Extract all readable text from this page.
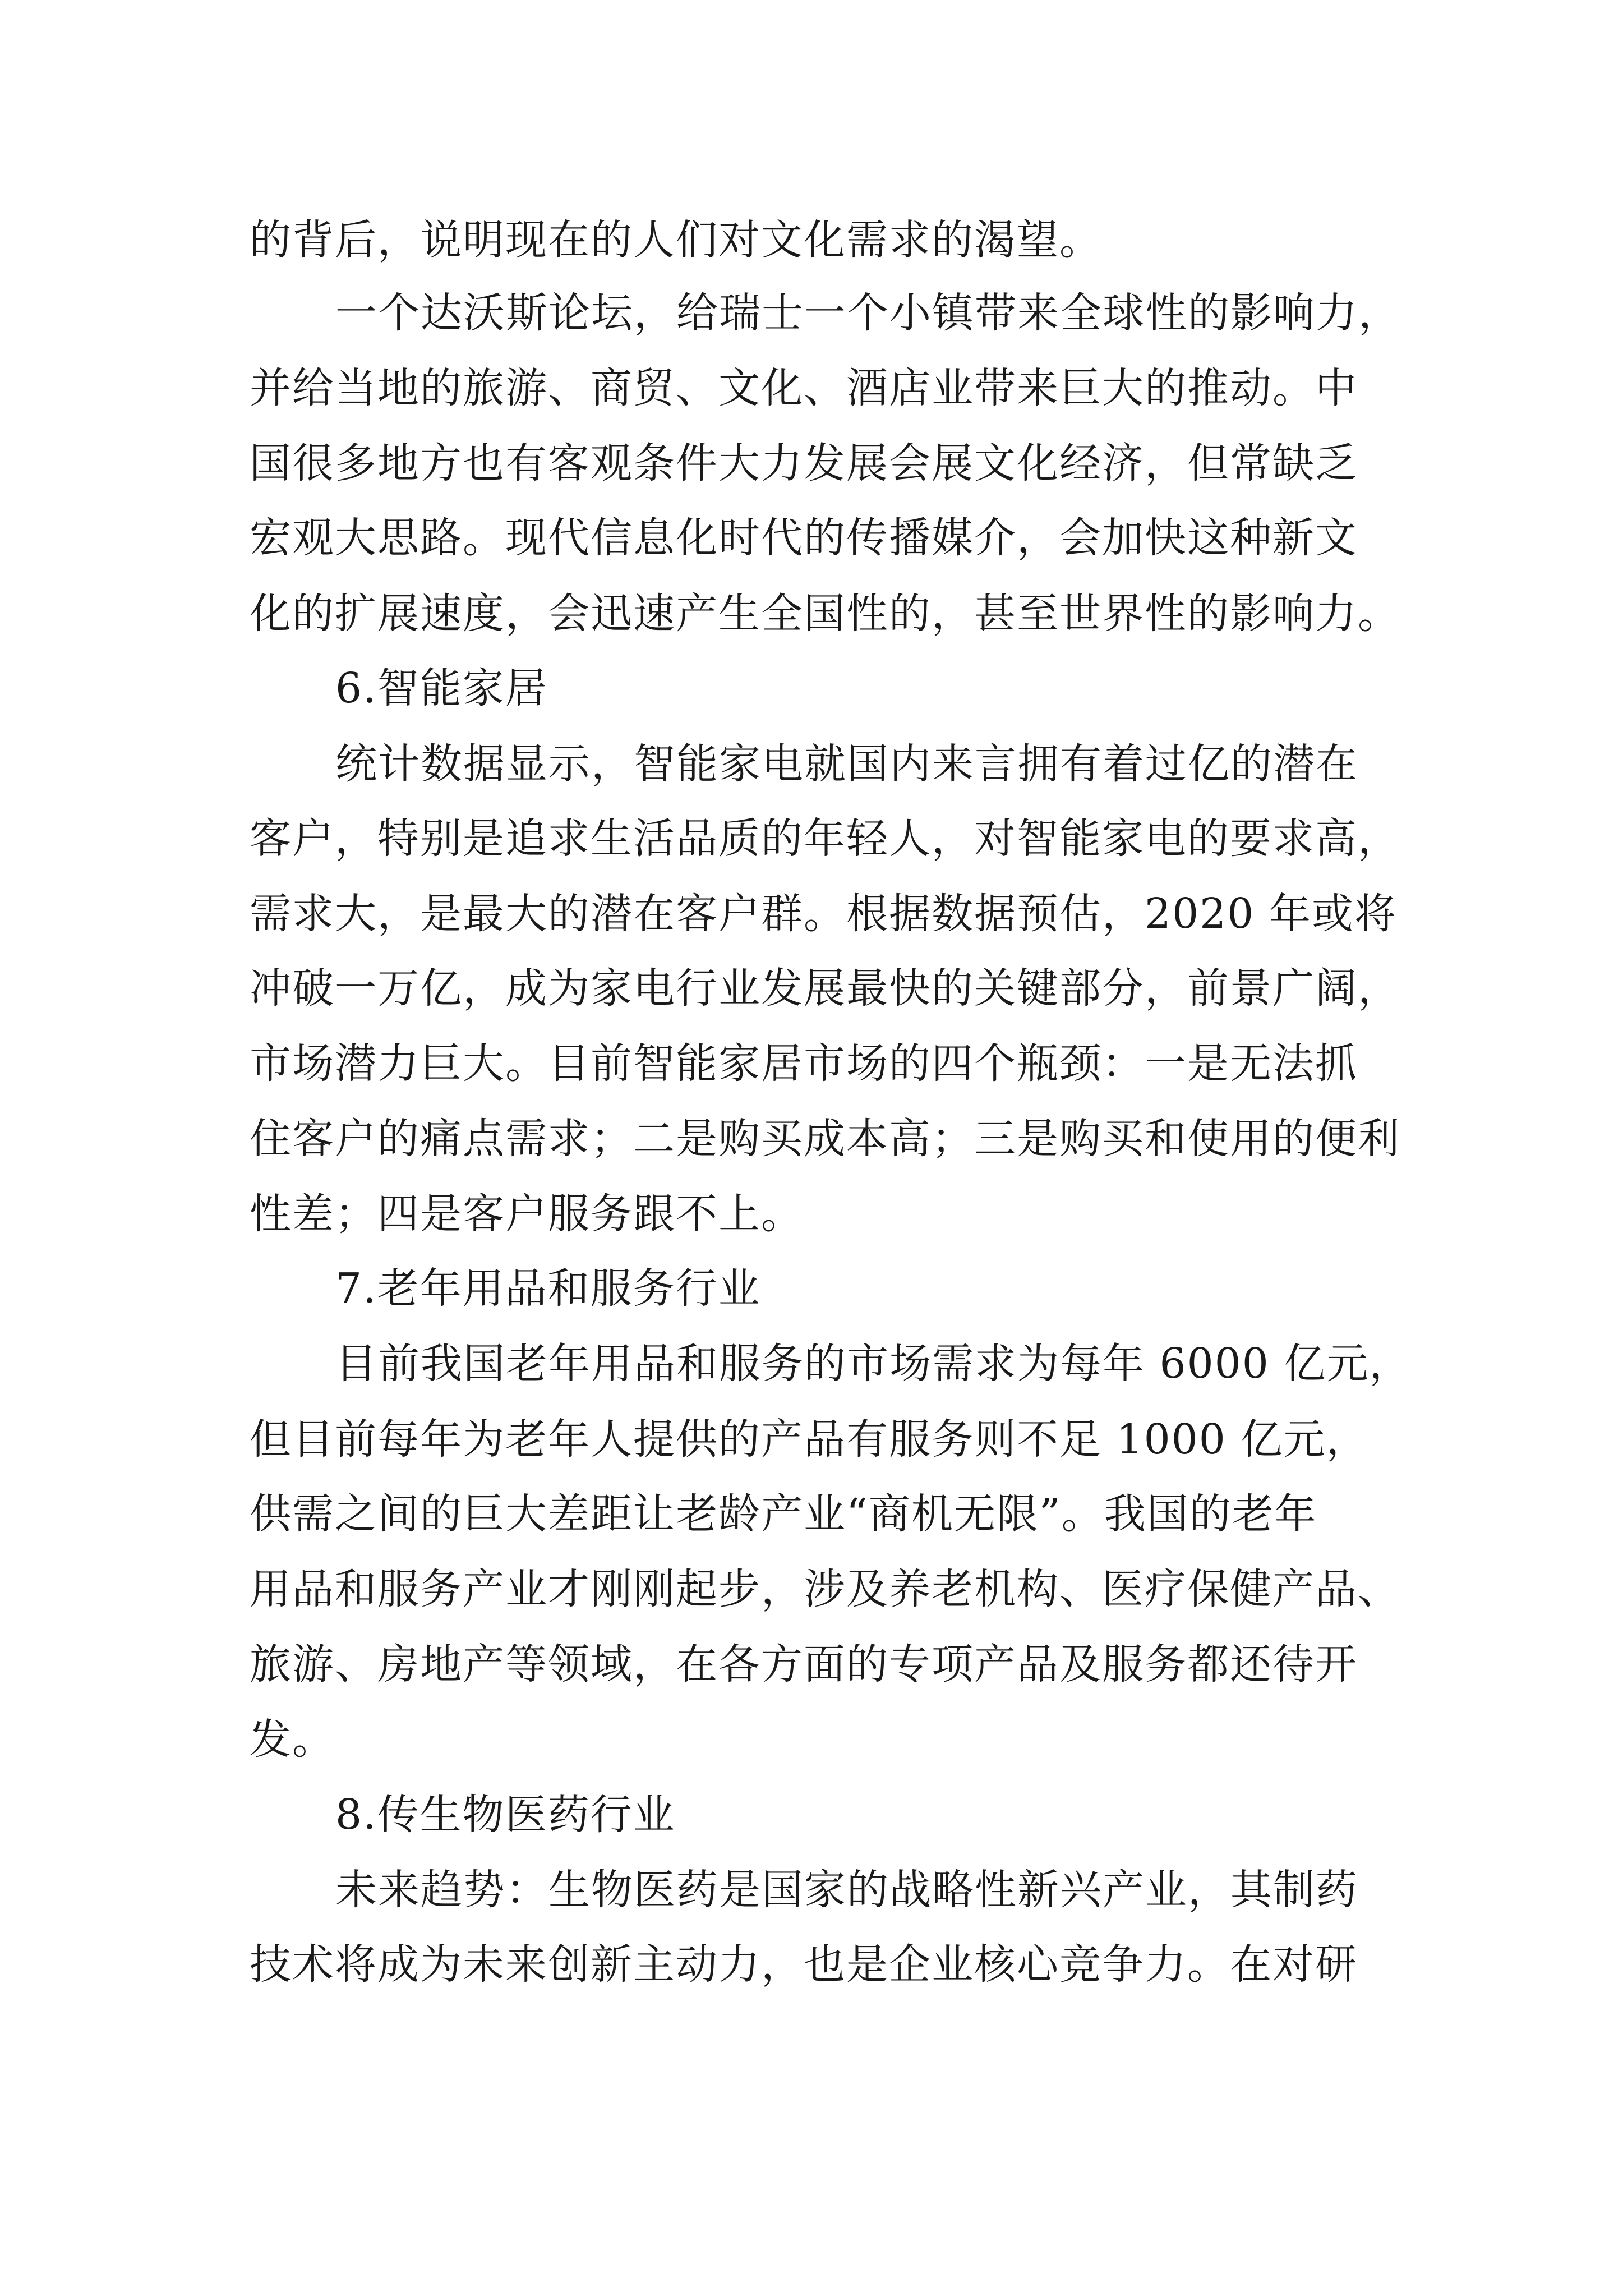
的背后，说明现在的人们对文化需求的渴望。
一个达沃斯论坛，给瑞士一个小镇带来全球性的影响力，
并给当地的旅游、商贸、文化、酒店业带来巨大的推动。中
国很多地方也有客观条件大力发展会展文化经济，但常缺乏
宏观大思路。现代信息化时代的传播媒介，会加快这种新文
化的扩展速度，会迅速产生全国性的，甚至世界性的影响力。
6.智能家居
统计数据显示，智能家电就国内来言拥有着过亿的潜在
客户，特别是追求生活品质的年轻人，对智能家电的要求高，
需求大，是最大的潜在客户群。根据数据预估，2020 年或将
冲破一万亿，成为家电行业发展最快的关键部分，前景广阔，
市场潜力巨大。目前智能家居市场的四个瓶颈：一是无法抓
住客户的痛点需求；二是购买成本高；三是购买和使用的便利
性差；四是客户服务跟不上。
7.老年用品和服务行业
目前我国老年用品和服务的市场需求为每年 6000 亿元，
但目前每年为老年人提供的产品有服务则不足 1000 亿元，
供需之间的巨大差距让老龄产业“商机无限”。我国的老年
用品和服务产业才刚刚起步，涉及养老机构、医疗保健产品、
旅游、房地产等领域，在各方面的专项产品及服务都还待开
发。
8.传生物医药行业
未来趋势：生物医药是国家的战略性新兴产业，其制药
技术将成为未来创新主动力，也是企业核心竞争力。在对研
